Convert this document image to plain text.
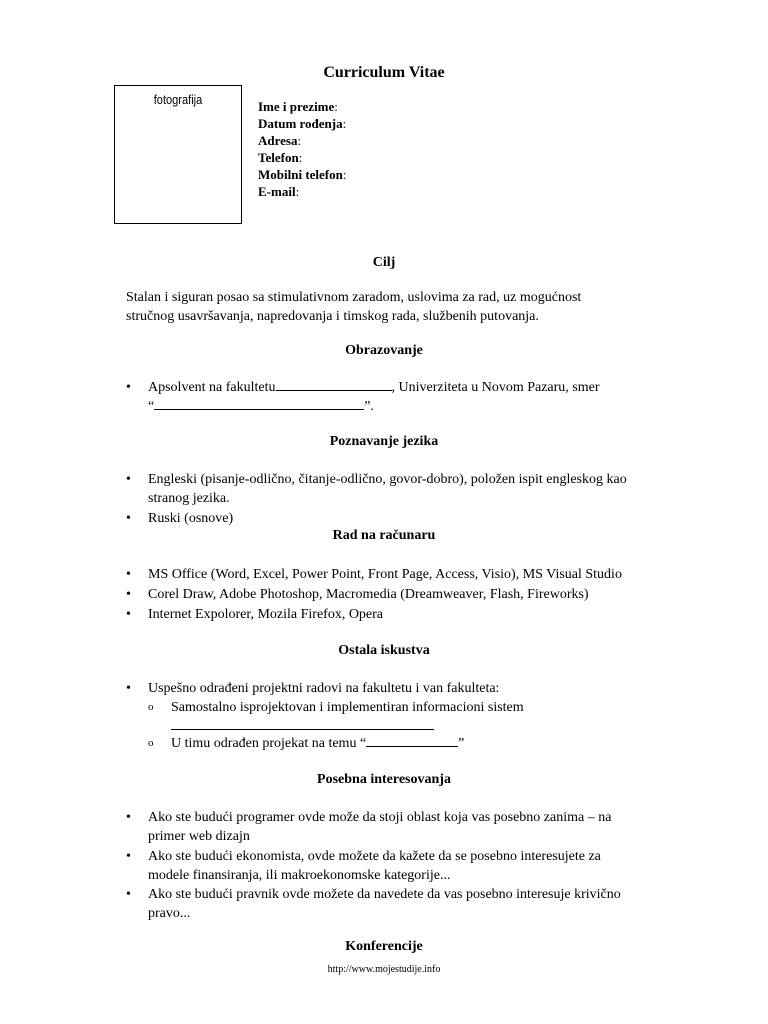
Curriculum Vitae
fotografija	Ime i prezime:
Datum rođenja:
Adresa:
Telefon:
Mobilni telefon:
E-mail:
Cilj
Stalan i siguran posao sa stimulativnom zaradom, uslovima za rad, uz mogućnost
stručnog usavršavanja, napredovanja i timskog rada, službenih putovanja.
Obrazovanje
• Apsolvent na fakultetu	, Univerziteta u Novom Pazaru, smer
“	”.
Poznavanje jezika
• Engleski (pisanje-odlično, čitanje-odlično, govor-dobro), položen ispit engleskog kao
stranog jezika.
• Ruski (osnove)
Rad na računaru
• MS Office (Word, Excel, Power Point, Front Page, Access, Visio), MS Visual Studio
• Corel Draw, Adobe Photoshop, Macromedia (Dreamweaver, Flash, Fireworks)
• Internet Expolorer, Mozila Firefox, Opera
Ostala iskustva
• Uspešno odrađeni projektni radovi na fakultetu i van fakulteta:
o Samostalno isprojektovan i implementiran informacioni sistem

o U timu odrađen projekat na temu “	”
Posebna interesovanja
• Ako ste budući programer ovde može da stoji oblast koja vas posebno zanima – na
primer web dizajn
• Ako ste budući ekonomista, ovde možete da kažete da se posebno interesujete za
modele finansiranja, ili makroekonomske kategorije...
• Ako ste budući pravnik ovde možete da navedete da vas posebno interesuje krivično
pravo...
Konferencije
http://www.mojestudije.info
